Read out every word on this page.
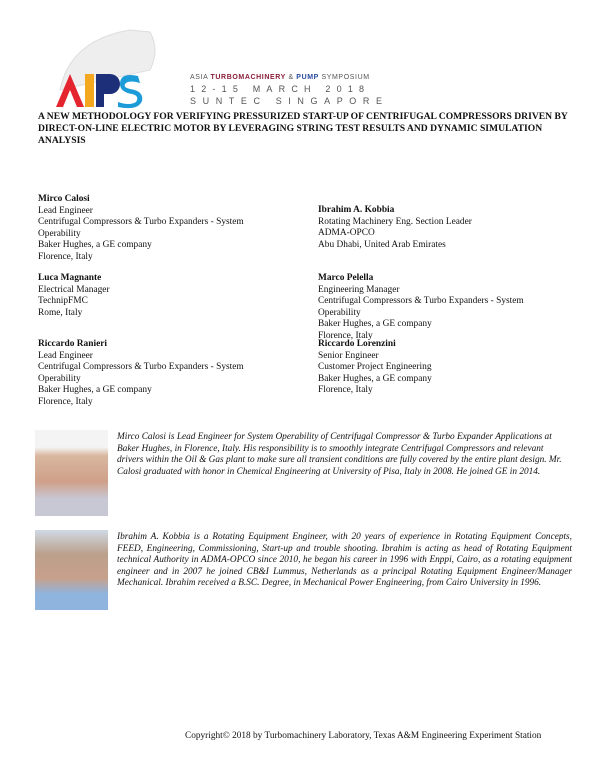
ASIA TURBOMACHINERY & PUMP SYMPOSIUM
12-15 MARCH 2018
SUNTEC SINGAPORE
A NEW METHODOLOGY FOR VERIFYING PRESSURIZED START-UP OF CENTRIFUGAL COMPRESSORS DRIVEN BY DIRECT-ON-LINE ELECTRIC MOTOR BY LEVERAGING STRING TEST RESULTS AND DYNAMIC SIMULATION ANALYSIS
Mirco Calosi
Lead Engineer
Centrifugal Compressors & Turbo Expanders - System
Operability
Baker Hughes, a GE company
Florence, Italy
Ibrahim A. Kobbia
Rotating Machinery Eng. Section Leader
ADMA-OPCO
Abu Dhabi, United Arab Emirates
Luca Magnante
Electrical Manager
TechnipFMC
Rome, Italy
Marco Pelella
Engineering Manager
Centrifugal Compressors & Turbo Expanders - System
Operability
Baker Hughes, a GE company
Florence, Italy
Riccardo Ranieri
Lead Engineer
Centrifugal Compressors & Turbo Expanders - System
Operability
Baker Hughes, a GE company
Florence, Italy
Riccardo Lorenzini
Senior Engineer
Customer Project Engineering
Baker Hughes, a GE company
Florence, Italy
Mirco Calosi is Lead Engineer for System Operability of Centrifugal Compressor & Turbo Expander Applications at Baker Hughes, in Florence, Italy. His responsibility is to smoothly integrate Centrifugal Compressors and relevant drivers within the Oil & Gas plant to make sure all transient conditions are fully covered by the entire plant design. Mr. Calosi graduated with honor in Chemical Engineering at University of Pisa, Italy in 2008. He joined GE in 2014.
Ibrahim A. Kobbia is a Rotating Equipment Engineer, with 20 years of experience in Rotating Equipment Concepts, FEED, Engineering, Commissioning, Start-up and trouble shooting. Ibrahim is acting as head of Rotating Equipment technical Authority in ADMA-OPCO since 2010, he began his career in 1996 with Enppi, Cairo, as a rotating equipment engineer and in 2007 he joined CB&I Lummus, Netherlands as a principal Rotating Equipment Engineer/Manager Mechanical. Ibrahim received a B.SC. Degree, in Mechanical Power Engineering, from Cairo University in 1996.
Copyright© 2018 by Turbomachinery Laboratory, Texas A&M Engineering Experiment Station
